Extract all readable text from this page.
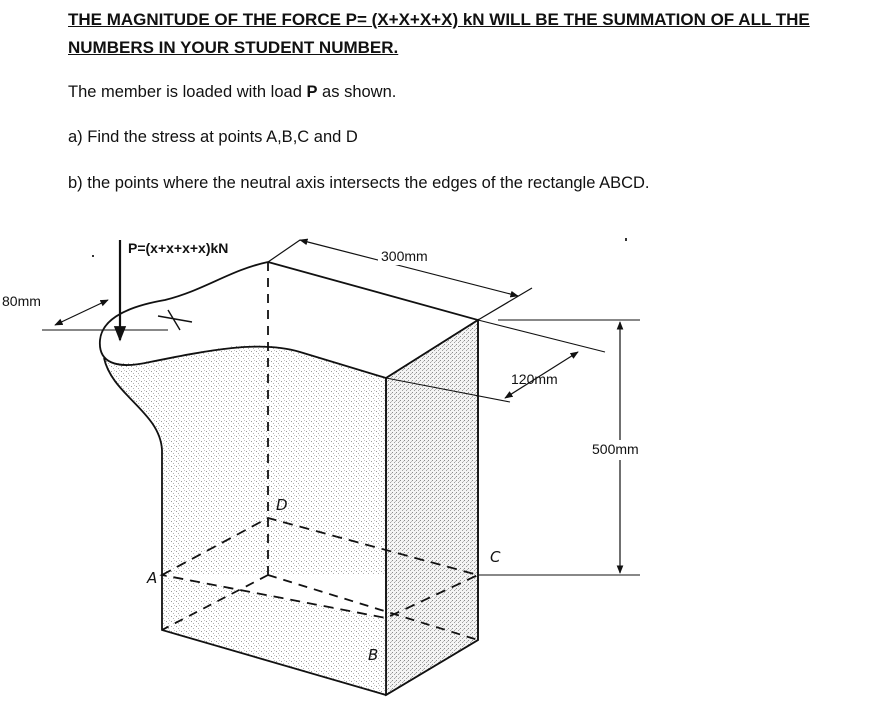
THE MAGNITUDE OF THE FORCE P= (X+X+X+X) kN WILL BE THE SUMMATION OF ALL THE
NUMBERS IN YOUR STUDENT NUMBER.
The member is loaded with load P as shown.
a) Find the stress at points A,B,C and D
b) the points where the neutral axis intersects the edges of the rectangle ABCD.
P=(x+x+x+x)kN	300mm
80mm
120mm
500mm
A
B
C
D
